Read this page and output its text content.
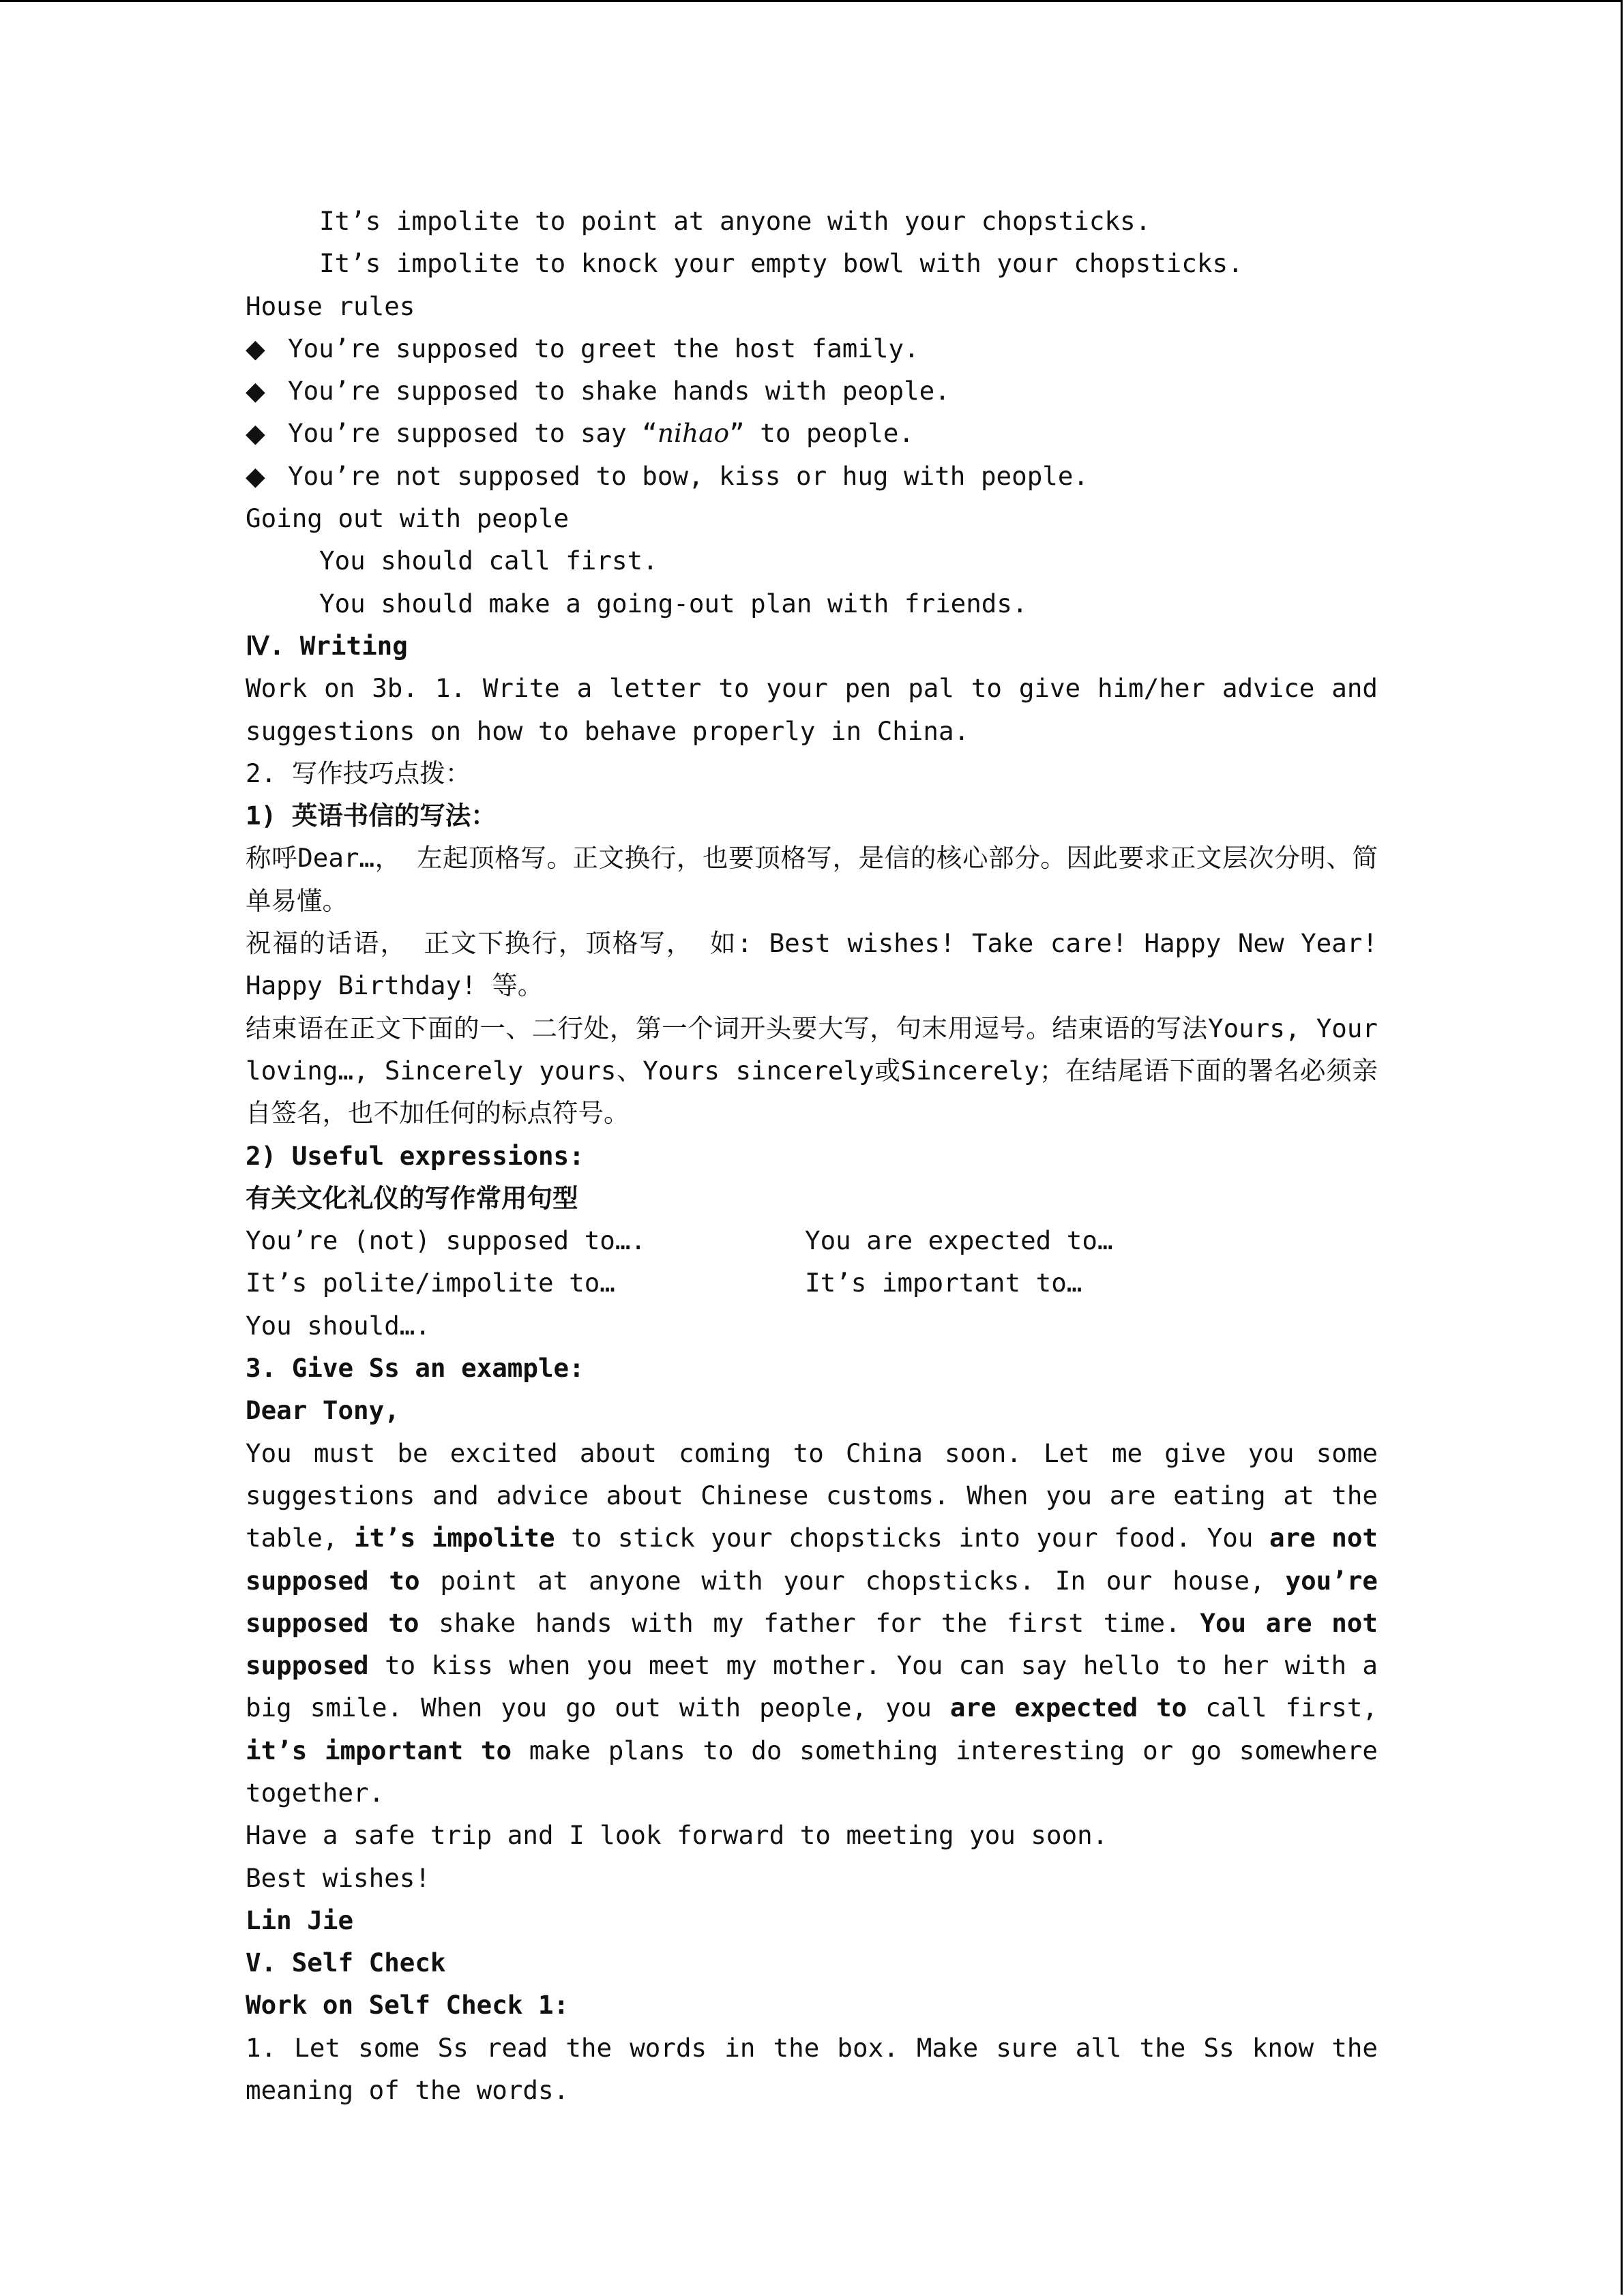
It’s impolite to point at anyone with your chopsticks.
It’s impolite to knock your empty bowl with your chopsticks.
House rules
◆ You’re supposed to greet the host family.
◆ You’re supposed to shake hands with people.
◆ You’re supposed to say “nihao” to people.
◆ You’re not supposed to bow, kiss or hug with people.
Going out with people
You should call first.
You should make a going-out plan with friends.
Ⅳ. Writing
Work on 3b. 1. Write a letter to your pen pal to give him/her advice and suggestions on how to behave properly in China.
2. 写作技巧点拨：
1) 英语书信的写法：
称呼Dear…， 左起顶格写。正文换行，也要顶格写，是信的核心部分。因此要求正文层次分明、简单易懂。
祝福的话语， 正文下换行，顶格写， 如: Best wishes! Take care! Happy New Year! Happy Birthday! 等。
结束语在正文下面的一、二行处，第一个词开头要大写，句末用逗号。结束语的写法Yours, Your loving…, Sincerely yours、Yours sincerely或Sincerely；在结尾语下面的署名必须亲自签名，也不加任何的标点符号。
2) Useful expressions:
有关文化礼仪的写作常用句型
You’re (not) supposed to….	You are expected to…
It’s polite/impolite to…	It’s important to…
You should….
3. Give Ss an example:
Dear Tony,
You must be excited about coming to China soon. Let me give you some suggestions and advice about Chinese customs. When you are eating at the table, it’s impolite to stick your chopsticks into your food. You are not supposed to point at anyone with your chopsticks. In our house, you’re supposed to shake hands with my father for the first time. You are not supposed to kiss when you meet my mother. You can say hello to her with a big smile. When you go out with people, you are expected to call first, it’s important to make plans to do something interesting or go somewhere together.
Have a safe trip and I look forward to meeting you soon.
Best wishes!
Lin Jie
V. Self Check
Work on Self Check 1:
1. Let some Ss read the words in the box. Make sure all the Ss know the meaning of the words.
